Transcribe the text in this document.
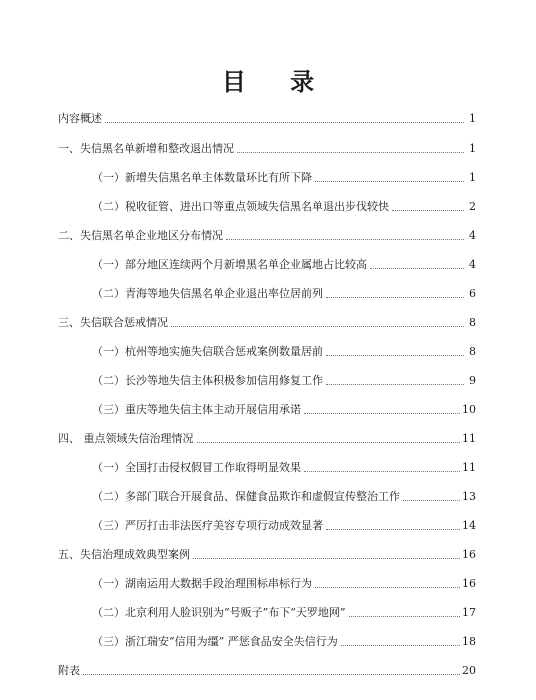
目 录
内容概述	1
一、失信黑名单新增和整改退出情况	1
（一）新增失信黑名单主体数量环比有所下降	1
（二）税收征管、进出口等重点领域失信黑名单退出步伐较快	2
二、失信黑名单企业地区分布情况	4
（一）部分地区连续两个月新增黑名单企业属地占比较高	4
（二）青海等地失信黑名单企业退出率位居前列	6
三、失信联合惩戒情况	8
（一）杭州等地实施失信联合惩戒案例数量居前	8
（二）长沙等地失信主体积极参加信用修复工作	9
（三）重庆等地失信主体主动开展信用承诺	10
四、 重点领域失信治理情况	11
（一）全国打击侵权假冒工作取得明显效果	11
（二）多部门联合开展食品、保健食品欺诈和虚假宣传整治工作	13
（三）严厉打击非法医疗美容专项行动成效显著	14
五、失信治理成效典型案例	16
（一）湖南运用大数据手段治理围标串标行为	16
（二）北京利用人脸识别为“号贩子”布下“天罗地网”	17
（三）浙江瑞安“信用为缰” 严惩食品安全失信行为	18
附表	20
